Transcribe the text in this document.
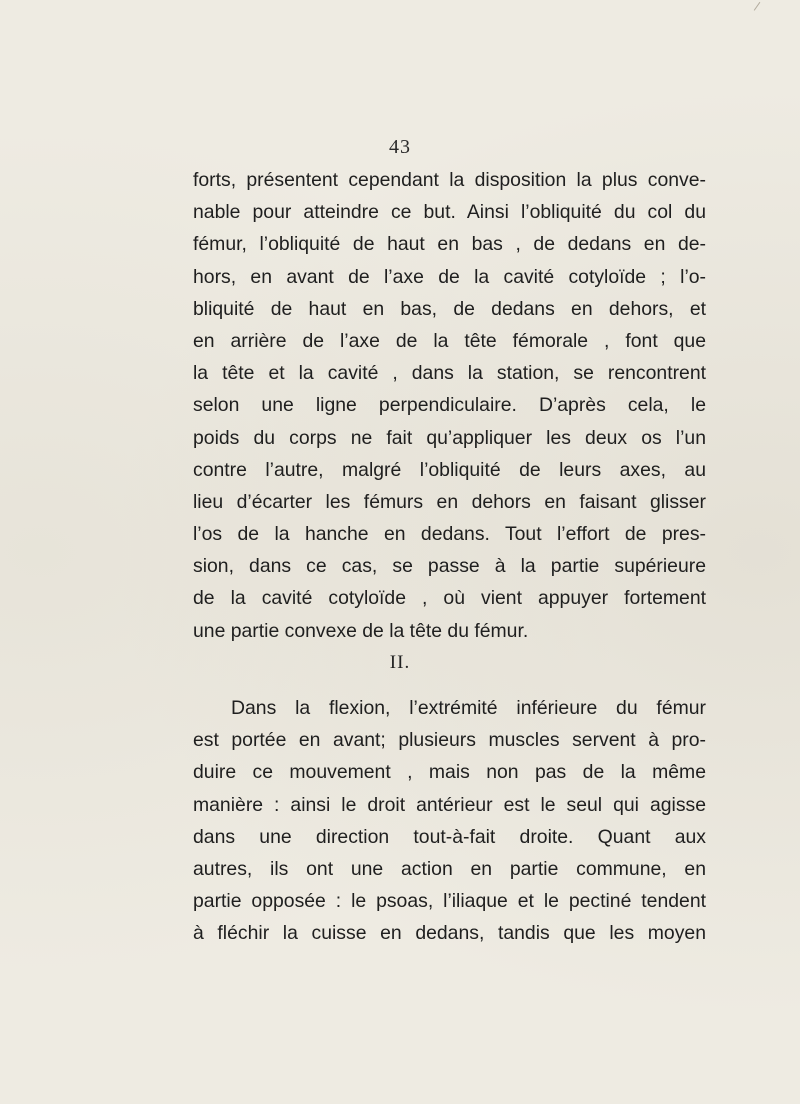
43
forts, présentent cependant la disposition la plus conve-
nable pour atteindre ce but. Ainsi l’obliquité du col du
fémur, l’obliquité de haut en bas , de dedans en de-
hors, en avant de l’axe de la cavité cotyloïde ; l’o-
bliquité de haut en bas, de dedans en dehors, et
en arrière de l’axe de la tête fémorale , font que
la tête et la cavité , dans la station, se rencontrent
selon une ligne perpendiculaire. D’après cela, le
poids du corps ne fait qu’appliquer les deux os l’un
contre l’autre, malgré l’obliquité de leurs axes, au
lieu d’écarter les fémurs en dehors en faisant glisser
l’os de la hanche en dedans. Tout l’effort de pres-
sion, dans ce cas, se passe à la partie supérieure
de la cavité cotyloïde , où vient appuyer fortement
une partie convexe de la tête du fémur.
II.
Dans la flexion, l’extrémité inférieure du fémur
est portée en avant; plusieurs muscles servent à pro-
duire ce mouvement , mais non pas de la même
manière : ainsi le droit antérieur est le seul qui agisse
dans une direction tout-à-fait droite. Quant aux
autres, ils ont une action en partie commune, en
partie opposée : le psoas, l’iliaque et le pectiné tendent
à fléchir la cuisse en dedans, tandis que les moyen
